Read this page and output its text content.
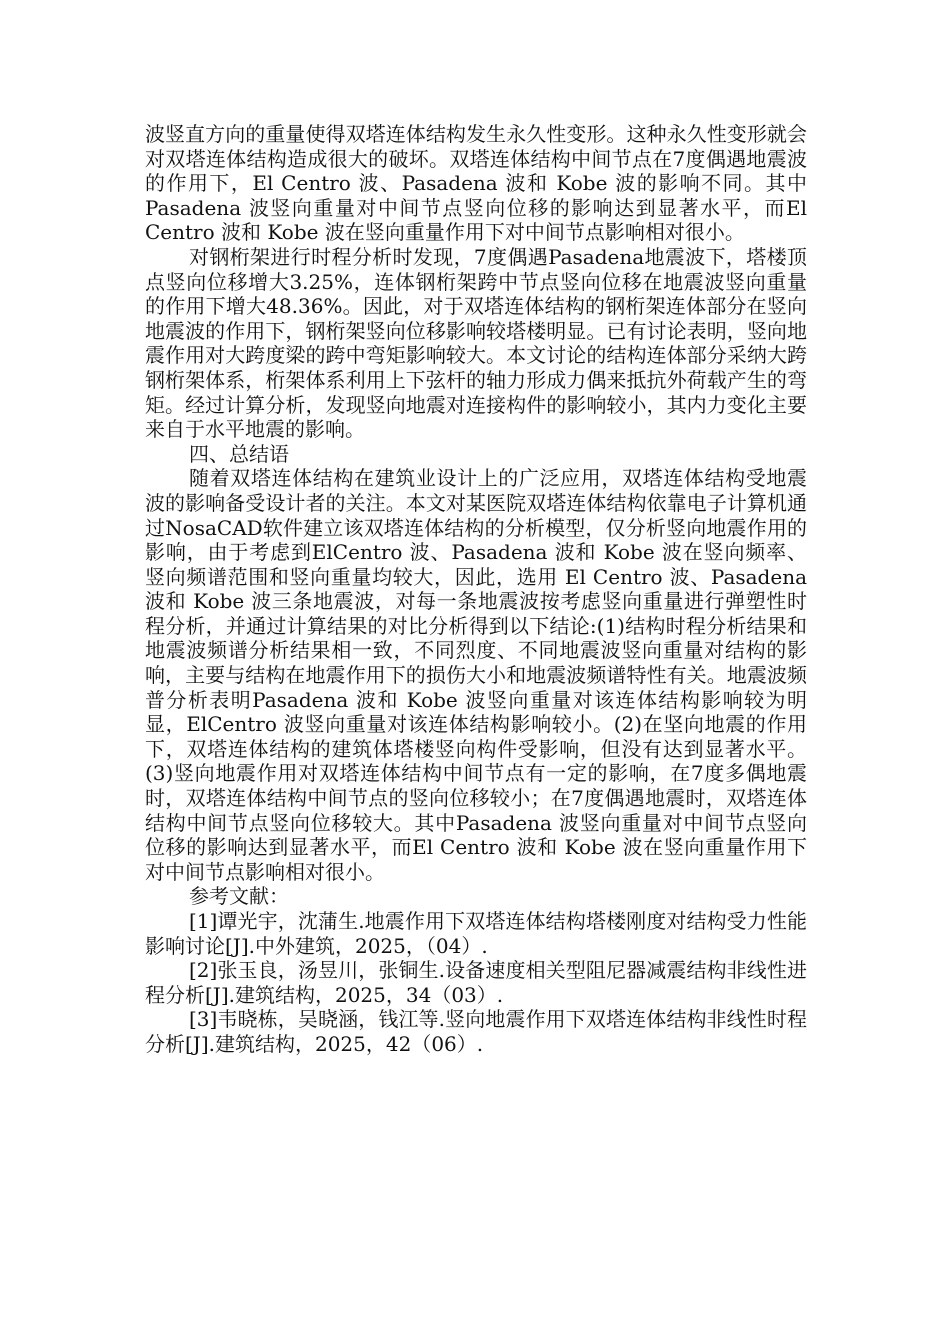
波竖直方向的重量使得双塔连体结构发生永久性变形。这种永久性变形就会对双塔连体结构造成很大的破坏。双塔连体结构中间节点在7度偶遇地震波的作用下，El Centro 波、Pasadena 波和 Kobe 波的影响不同。其中Pasadena 波竖向重量对中间节点竖向位移的影响达到显著水平，而El Centro 波和 Kobe 波在竖向重量作用下对中间节点影响相对很小。

对钢桁架进行时程分析时发现，7度偶遇Pasadena地震波下，塔楼顶点竖向位移增大3.25%，连体钢桁架跨中节点竖向位移在地震波竖向重量的作用下增大48.36%。因此，对于双塔连体结构的钢桁架连体部分在竖向地震波的作用下，钢桁架竖向位移影响较塔楼明显。已有讨论表明，竖向地震作用对大跨度梁的跨中弯矩影响较大。本文讨论的结构连体部分采纳大跨钢桁架体系，桁架体系利用上下弦杆的轴力形成力偶来抵抗外荷载产生的弯矩。经过计算分析，发现竖向地震对连接构件的影响较小，其内力变化主要来自于水平地震的影响。

四、总结语

随着双塔连体结构在建筑业设计上的广泛应用，双塔连体结构受地震波的影响备受设计者的关注。本文对某医院双塔连体结构依靠电子计算机通过NosaCAD软件建立该双塔连体结构的分析模型，仅分析竖向地震作用的影响，由于考虑到ElCentro 波、Pasadena 波和 Kobe 波在竖向频率、竖向频谱范围和竖向重量均较大，因此，选用 El Centro 波、Pasadena 波和 Kobe 波三条地震波，对每一条地震波按考虑竖向重量进行弹塑性时程分析，并通过计算结果的对比分析得到以下结论:(1)结构时程分析结果和地震波频谱分析结果相一致，不同烈度、不同地震波竖向重量对结构的影响，主要与结构在地震作用下的损伤大小和地震波频谱特性有关。地震波频普分析表明Pasadena 波和 Kobe 波竖向重量对该连体结构影响较为明显，ElCentro 波竖向重量对该连体结构影响较小。(2)在坚向地震的作用下，双塔连体结构的建筑体塔楼竖向构件受影响，但没有达到显著水平。 (3)竖向地震作用对双塔连体结构中间节点有一定的影响，在7度多偶地震时，双塔连体结构中间节点的竖向位移较小；在7度偶遇地震时，双塔连体结构中间节点竖向位移较大。其中Pasadena 波竖向重量对中间节点竖向位移的影响达到显著水平，而El Centro 波和 Kobe 波在竖向重量作用下对中间节点影响相对很小。

参考文献：

[1]谭光宇，沈蒲生.地震作用下双塔连体结构塔楼刚度对结构受力性能影响讨论[J].中外建筑，2025，（04）.

[2]张玉良，汤昱川，张铜生.设备速度相关型阻尼器减震结构非线性进程分析[J].建筑结构，2025，34（03）.

[3]韦晓栋，吴晓涵，钱江等.竖向地震作用下双塔连体结构非线性时程分析[J].建筑结构，2025，42（06）.
